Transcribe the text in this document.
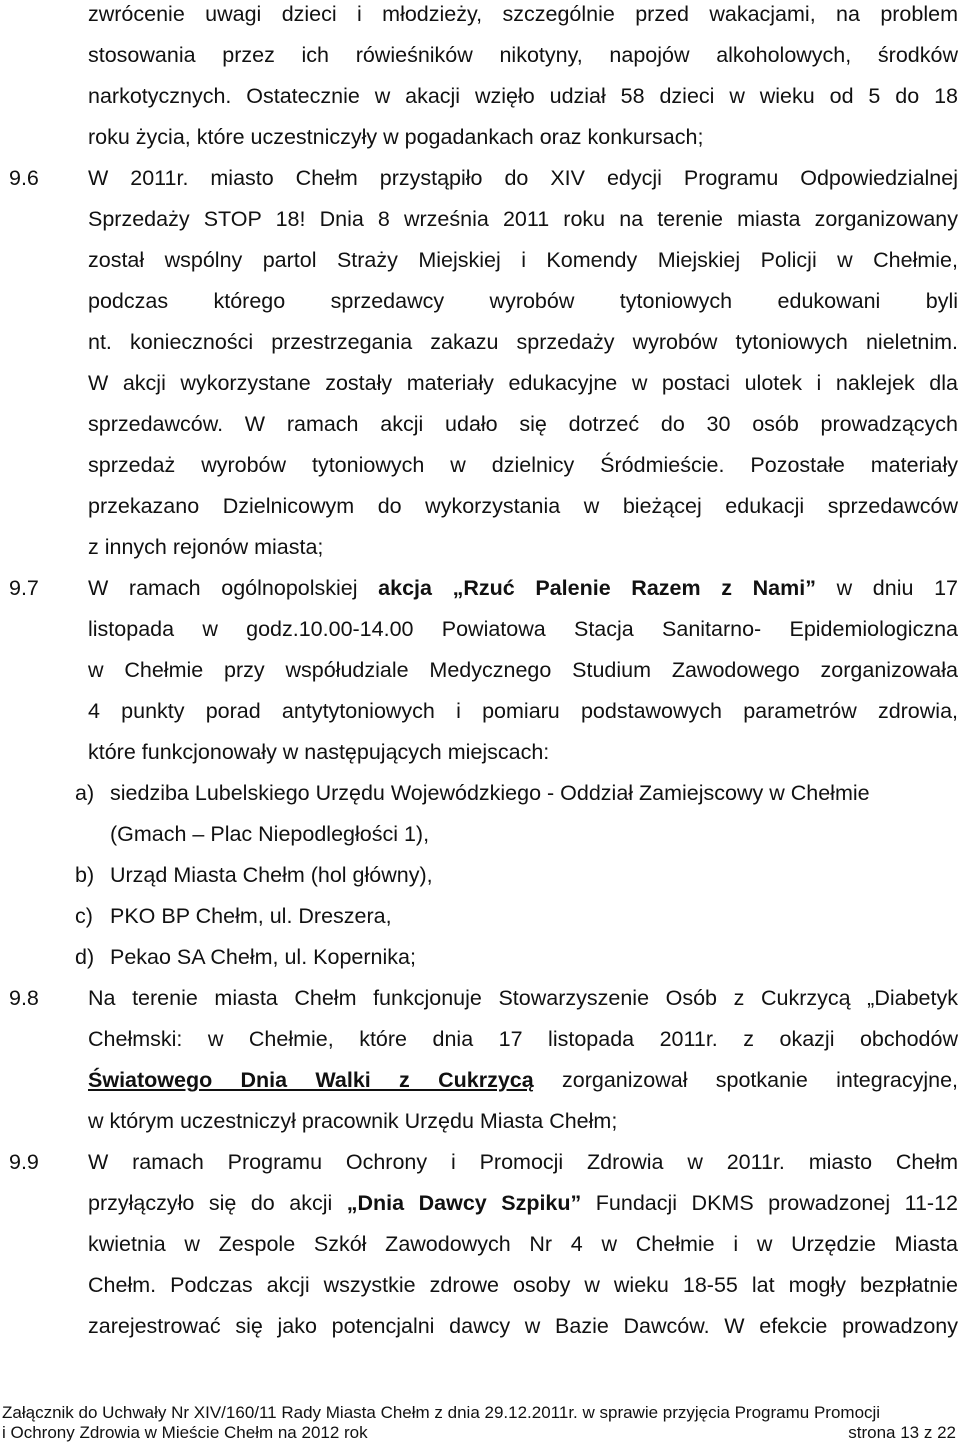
zwrócenie uwagi dzieci i młodzieży, szczególnie przed wakacjami, na problem
stosowania przez ich rówieśników nikotyny, napojów alkoholowych, środków
narkotycznych. Ostatecznie w akacji wzięło udział 58 dzieci w wieku od 5 do 18
roku życia, które uczestniczyły w pogadankach oraz konkursach;
9.6 W 2011r. miasto Chełm przystąpiło do XIV edycji Programu Odpowiedzialnej
Sprzedaży STOP 18! Dnia 8 września 2011 roku na terenie miasta zorganizowany
został wspólny partol Straży Miejskiej i Komendy Miejskiej Policji w Chełmie,
podczas którego sprzedawcy wyrobów tytoniowych edukowani byli
nt. konieczności przestrzegania zakazu sprzedaży wyrobów tytoniowych nieletnim.
W akcji wykorzystane zostały materiały edukacyjne w postaci ulotek i naklejek dla
sprzedawców. W ramach akcji udało się dotrzeć do 30 osób prowadzących
sprzedaż wyrobów tytoniowych w dzielnicy Śródmieście. Pozostałe materiały
przekazano Dzielnicowym do wykorzystania w bieżącej edukacji sprzedawców
z innych rejonów miasta;
9.7 W ramach ogólnopolskiej akcja „Rzuć Palenie Razem z Nami” w dniu 17
listopada w godz.10.00-14.00 Powiatowa Stacja Sanitarno- Epidemiologiczna
w Chełmie przy współudziale Medycznego Studium Zawodowego zorganizowała
4 punkty porad antytytoniowych i pomiaru podstawowych parametrów zdrowia,
które funkcjonowały w następujących miejscach:
a) siedziba Lubelskiego Urzędu Wojewódzkiego - Oddział Zamiejscowy w Chełmie
(Gmach – Plac Niepodległości 1),
b) Urząd Miasta Chełm (hol główny),
c) PKO BP Chełm, ul. Dreszera,
d) Pekao SA Chełm, ul. Kopernika;
9.8 Na terenie miasta Chełm funkcjonuje Stowarzyszenie Osób z Cukrzycą „Diabetyk
Chełmski: w Chełmie, które dnia 17 listopada 2011r. z okazji obchodów
Światowego Dnia Walki z Cukrzycą zorganizował spotkanie integracyjne,
w którym uczestniczył pracownik Urzędu Miasta Chełm;
9.9 W ramach Programu Ochrony i Promocji Zdrowia w 2011r. miasto Chełm
przyłączyło się do akcji „Dnia Dawcy Szpiku” Fundacji DKMS prowadzonej 11-12
kwietnia w Zespole Szkół Zawodowych Nr 4 w Chełmie i w Urzędzie Miasta
Chełm. Podczas akcji wszystkie zdrowe osoby w wieku 18-55 lat mogły bezpłatnie
zarejestrować się jako potencjalni dawcy w Bazie Dawców. W efekcie prowadzony
Załącznik do Uchwały Nr XIV/160/11 Rady Miasta Chełm z dnia 29.12.2011r. w sprawie przyjęcia Programu Promocji
i Ochrony Zdrowia w Mieście Chełm na 2012 rok	strona 13 z 22
